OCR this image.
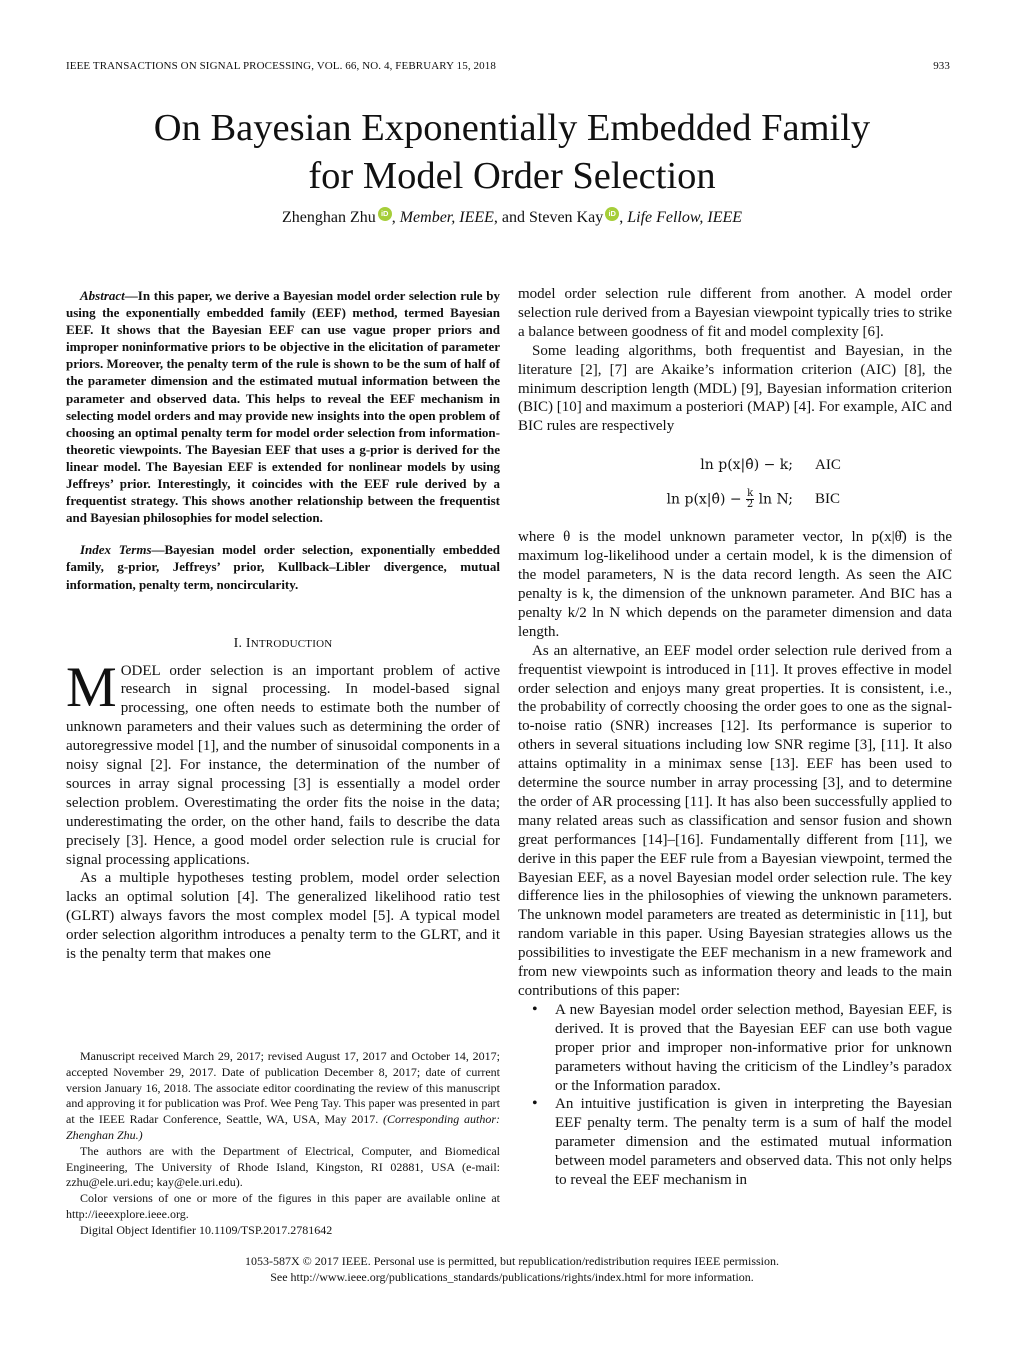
IEEE TRANSACTIONS ON SIGNAL PROCESSING, VOL. 66, NO. 4, FEBRUARY 15, 2018	933
On Bayesian Exponentially Embedded Family
for Model Order Selection
Zhenghan Zhu iD , Member, IEEE, and Steven Kay iD , Life Fellow, IEEE

Abstract—In this paper, we derive a Bayesian model order selection rule by using the exponentially embedded family (EEF) method, termed Bayesian EEF. It shows that the Bayesian EEF can use vague proper priors and improper noninformative priors to be objective in the elicitation of parameter priors. Moreover, the penalty term of the rule is shown to be the sum of half of the parameter dimension and the estimated mutual information between the parameter and observed data. This helps to reveal the EEF mechanism in selecting model orders and may provide new insights into the open problem of choosing an optimal penalty term for model order selection from information-theoretic viewpoints. The Bayesian EEF that uses a g-prior is derived for the linear model. The Bayesian EEF is extended for nonlinear models by using Jeffreys’ prior. Interestingly, it coincides with the EEF rule derived by a frequentist strategy. This shows another relationship between the frequentist and Bayesian philosophies for model selection.

Index Terms—Bayesian model order selection, exponentially embedded family, g-prior, Jeffreys’ prior, Kullback–Libler divergence, mutual information, penalty term, noncircularity.

I. INTRODUCTION

MODEL order selection is an important problem of active research in signal processing. In model-based signal processing, one often needs to estimate both the number of unknown parameters and their values such as determining the order of autoregressive model [1], and the number of sinusoidal components in a noisy signal [2]. For instance, the determination of the number of sources in array signal processing [3] is essentially a model order selection problem. Overestimating the order fits the noise in the data; underestimating the order, on the other hand, fails to describe the data precisely [3]. Hence, a good model order selection rule is crucial for signal processing applications.

As a multiple hypotheses testing problem, model order selection lacks an optimal solution [4]. The generalized likelihood ratio test (GLRT) always favors the most complex model [5]. A typical model order selection algorithm introduces a penalty term to the GLRT, and it is the penalty term that makes one

Manuscript received March 29, 2017; revised August 17, 2017 and October 14, 2017; accepted November 29, 2017. Date of publication December 8, 2017; date of current version January 16, 2018. The associate editor coordinating the review of this manuscript and approving it for publication was Prof. Wee Peng Tay. This paper was presented in part at the IEEE Radar Conference, Seattle, WA, USA, May 2017. (Corresponding author: Zhenghan Zhu.)

The authors are with the Department of Electrical, Computer, and Biomedical Engineering, The University of Rhode Island, Kingston, RI 02881, USA (e-mail: zzhu@ele.uri.edu; kay@ele.uri.edu).

Color versions of one or more of the figures in this paper are available online at http://ieeexplore.ieee.org.

Digital Object Identifier 10.1109/TSP.2017.2781642

model order selection rule different from another. A model order selection rule derived from a Bayesian viewpoint typically tries to strike a balance between goodness of fit and model complexity [6].

Some leading algorithms, both frequentist and Bayesian, in the literature [2], [7] are Akaike’s information criterion (AIC) [8], the minimum description length (MDL) [9], Bayesian information criterion (BIC) [10] and maximum a posteriori (MAP) [4]. For example, AIC and BIC rules are respectively

ln p(x|θ̂) − k;	AIC
ln p(x|θ̂) − $\frac{k}{2}$ ln N;	BIC

where θ is the model unknown parameter vector, ln p(x|θ̂) is the maximum log-likelihood under a certain model, k is the dimension of the model parameters, N is the data record length. As seen the AIC penalty is k, the dimension of the unknown parameter. And BIC has a penalty k/2 ln N which depends on the parameter dimension and data length.

As an alternative, an EEF model order selection rule derived from a frequentist viewpoint is introduced in [11]. It proves effective in model order selection and enjoys many great properties. It is consistent, i.e., the probability of correctly choosing the order goes to one as the signal-to-noise ratio (SNR) increases [12]. Its performance is superior to others in several situations including low SNR regime [3], [11]. It also attains optimality in a minimax sense [13]. EEF has been used to determine the source number in array processing [3], and to determine the order of AR processing [11]. It has also been successfully applied to many related areas such as classification and sensor fusion and shown great performances [14]–[16]. Fundamentally different from [11], we derive in this paper the EEF rule from a Bayesian viewpoint, termed the Bayesian EEF, as a novel Bayesian model order selection rule. The key difference lies in the philosophies of viewing the unknown parameters. The unknown model parameters are treated as deterministic in [11], but random variable in this paper. Using Bayesian strategies allows us the possibilities to investigate the EEF mechanism in a new framework and from new viewpoints such as information theory and leads to the main contributions of this paper:

• A new Bayesian model order selection method, Bayesian EEF, is derived. It is proved that the Bayesian EEF can use both vague proper prior and improper non-informative prior for unknown parameters without having the criticism of the Lindley’s paradox or the Information paradox.
• An intuitive justification is given in interpreting the Bayesian EEF penalty term. The penalty term is a sum of half the model parameter dimension and the estimated mutual information between model parameters and observed data. This not only helps to reveal the EEF mechanism in
1053-587X © 2017 IEEE. Personal use is permitted, but republication/redistribution requires IEEE permission.
See http://www.ieee.org/publications_standards/publications/rights/index.html for more information.
